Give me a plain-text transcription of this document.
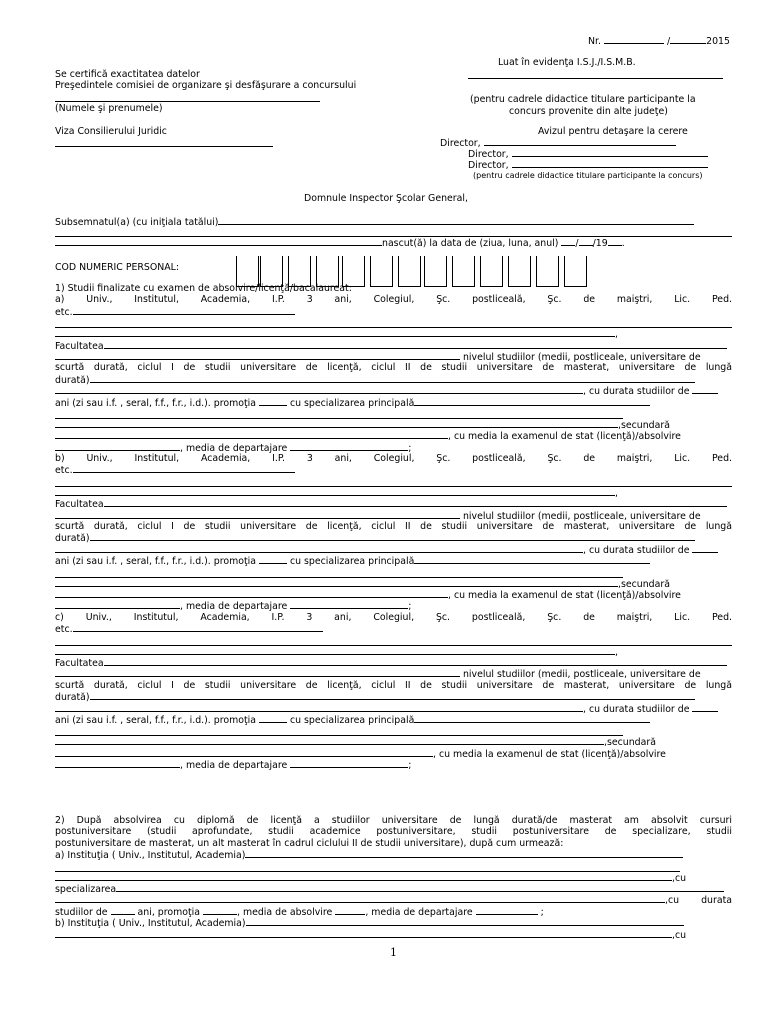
Nr.	/	2015
Luat în evidenţa I.S.J./I.S.M.B.
(pentru cadrele didactice titulare participante la
concurs provenite din alte judeţe)
Se certifică exactitatea datelor
Preşedintele comisiei de organizare şi desfăşurare a concursului
(Numele şi prenumele)
Viza Consilierului Juridic	Avizul pentru detaşare la cerere
Director,
Director,
Director,
(pentru cadrele didactice titulare participante la concurs)
Domnule Inspector Şcolar General,
Subsemnatul(a) (cu iniţiala tatălui)
nascut(ă) la data de (ziua, luna, anul) / /19 .
COD NUMERIC PERSONAL:
1) Studii finalizate cu examen de absolvire/licenţă/bacalaureat:
a) Univ., Institutul, Academia, I.P. 3 ani, Colegiul, Şc. postliceală, Şc. de maiştri, Lic. Ped.
etc.
,
Facultatea
nivelul studiilor (medii, postliceale, universitare de
scurtă durată, ciclul I de studii universitare de licenţă, ciclul II de studii universitare de masterat, universitare de lungă
durată)
, cu durata studiilor de
ani (zi sau i.f. , seral, f.f., f.r., i.d.). promoţia	cu specializarea principală
,secundară
, cu media la examenul de stat (licenţă)/absolvire
, media de departajare	;
b) Univ., Institutul, Academia, I.P. 3 ani, Colegiul, Şc. postliceală, Şc. de maiştri, Lic. Ped.
etc.
,
Facultatea
nivelul studiilor (medii, postliceale, universitare de
scurtă durată, ciclul I de studii universitare de licenţă, ciclul II de studii universitare de masterat, universitare de lungă
durată)
, cu durata studiilor de
ani (zi sau i.f. , seral, f.f., f.r., i.d.). promoţia	cu specializarea principală
,secundară
, cu media la examenul de stat (licenţă)/absolvire
, media de departajare	;
c) Univ., Institutul, Academia, I.P. 3 ani, Colegiul, Şc. postliceală, Şc. de maiştri, Lic. Ped.
etc.
,
Facultatea
nivelul studiilor (medii, postliceale, universitare de
scurtă durată, ciclul I de studii universitare de licenţă, ciclul II de studii universitare de masterat, universitare de lungă
durată)
, cu durata studiilor de
ani (zi sau i.f. , seral, f.f., f.r., i.d.). promoţia	cu specializarea principală
,secundară
, cu media la examenul de stat (licenţă)/absolvire
, media de departajare	;
2) După absolvirea cu diplomă de licenţă a studiilor universitare de lungă durată/de masterat am absolvit cursuri
postuniversitare (studii aprofundate, studii academice postuniversitare, studii postuniversitare de specializare, studii
postuniversitare de masterat, un alt masterat în cadrul ciclului II de studii universitare), după cum urmează:
a) Instituţia ( Univ., Institutul, Academia)
,cu
specializarea
,cu durata
studiilor de	ani, promoţia	, media de absolvire	, media de departajare	;
b) Instituţia ( Univ., Institutul, Academia)
,cu
1
